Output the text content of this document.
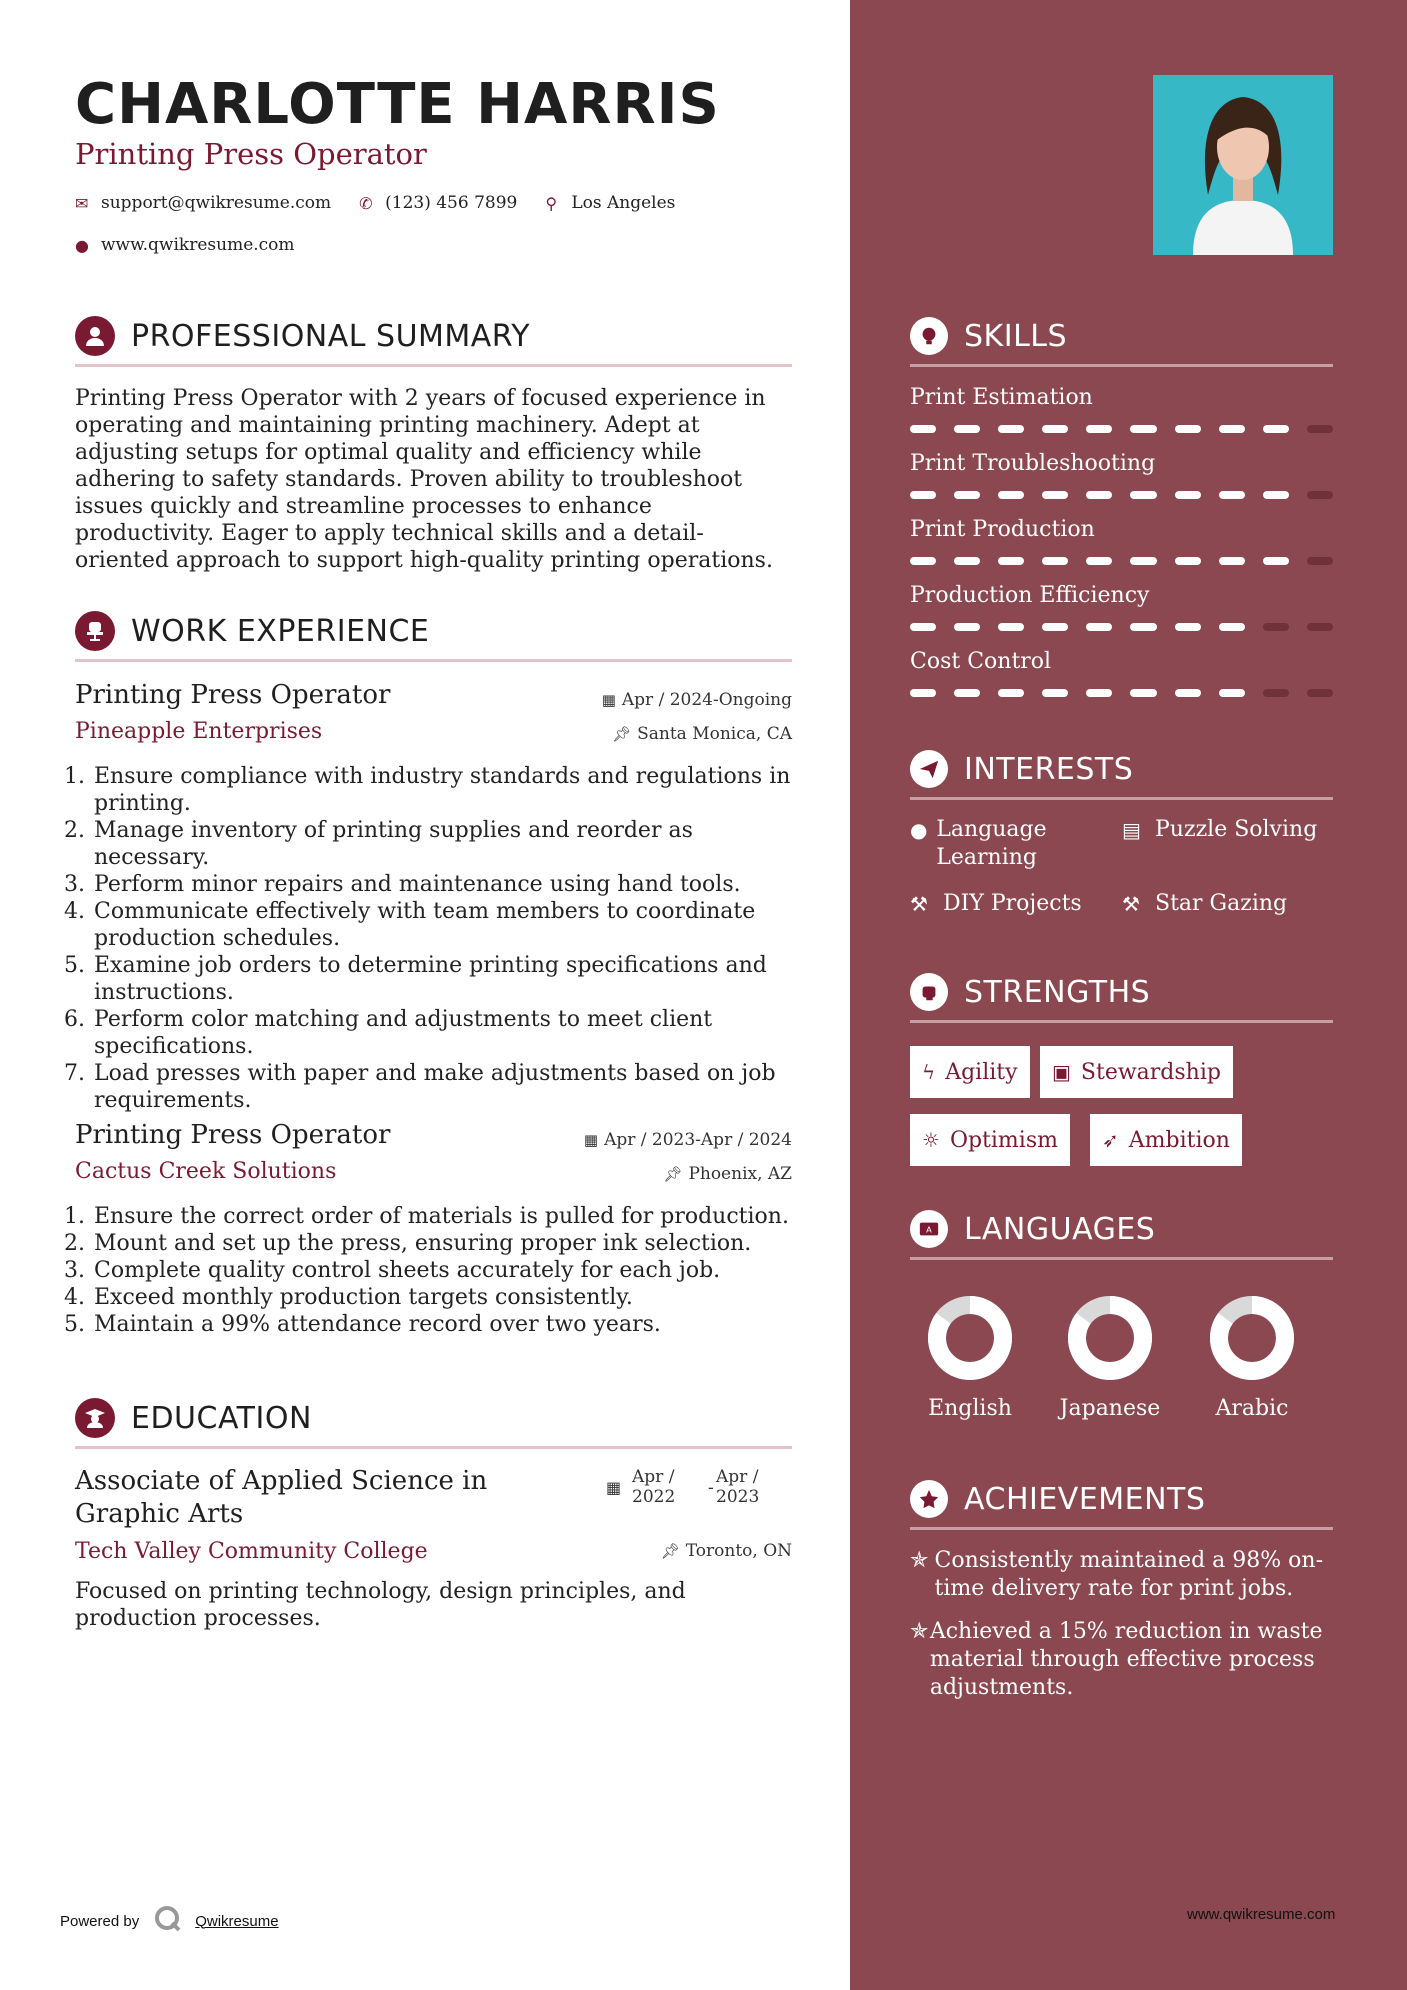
CHARLOTTE HARRIS
Printing Press Operator
✉ support@qwikresume.com ✆ (123) 456 7899 ⚲ Los Angeles
● www.qwikresume.com
PROFESSIONAL SUMMARY
Printing Press Operator with 2 years of focused experience in operating and maintaining printing machinery. Adept at adjusting setups for optimal quality and efficiency while adhering to safety standards. Proven ability to troubleshoot issues quickly and streamline processes to enhance productivity. Eager to apply technical skills and a detail-oriented approach to support high-quality printing operations.
WORK EXPERIENCE
Printing Press Operator	▦ Apr / 2024-Ongoing
Pineapple Enterprises	📌︎ Santa Monica, CA
1. Ensure compliance with industry standards and regulations in printing.
2. Manage inventory of printing supplies and reorder as necessary.
3. Perform minor repairs and maintenance using hand tools.
4. Communicate effectively with team members to coordinate production schedules.
5. Examine job orders to determine printing specifications and instructions.
6. Perform color matching and adjustments to meet client specifications.
7. Load presses with paper and make adjustments based on job requirements.
Printing Press Operator	▦ Apr / 2023-Apr / 2024
Cactus Creek Solutions	📌︎ Phoenix, AZ
1. Ensure the correct order of materials is pulled for production.
2. Mount and set up the press, ensuring proper ink selection.
3. Complete quality control sheets accurately for each job.
4. Exceed monthly production targets consistently.
5. Maintain a 99% attendance record over two years.
EDUCATION
Associate of Applied Science in Graphic Arts
▦
Apr /
2022 -
Apr /
2023
Tech Valley Community College	📌︎ Toronto, ON
Focused on printing technology, design principles, and production processes.
Powered by	Qwikresume
SKILLS
Print Estimation
Print Troubleshooting
Print Production
Production Efficiency
Cost Control
INTERESTS
● Language Learning
▤ Puzzle Solving
⚒ DIY Projects ⚒ Star Gazing
STRENGTHS
ϟ Agility ▣ Stewardship
☼ Optimism ➶ Ambition
A LANGUAGES
English	Japanese	Arabic
ACHIEVEMENTS
✯ Consistently maintained a 98% on-time delivery rate for print jobs.
✯ Achieved a 15% reduction in waste material through effective process adjustments.
www.qwikresume.com
